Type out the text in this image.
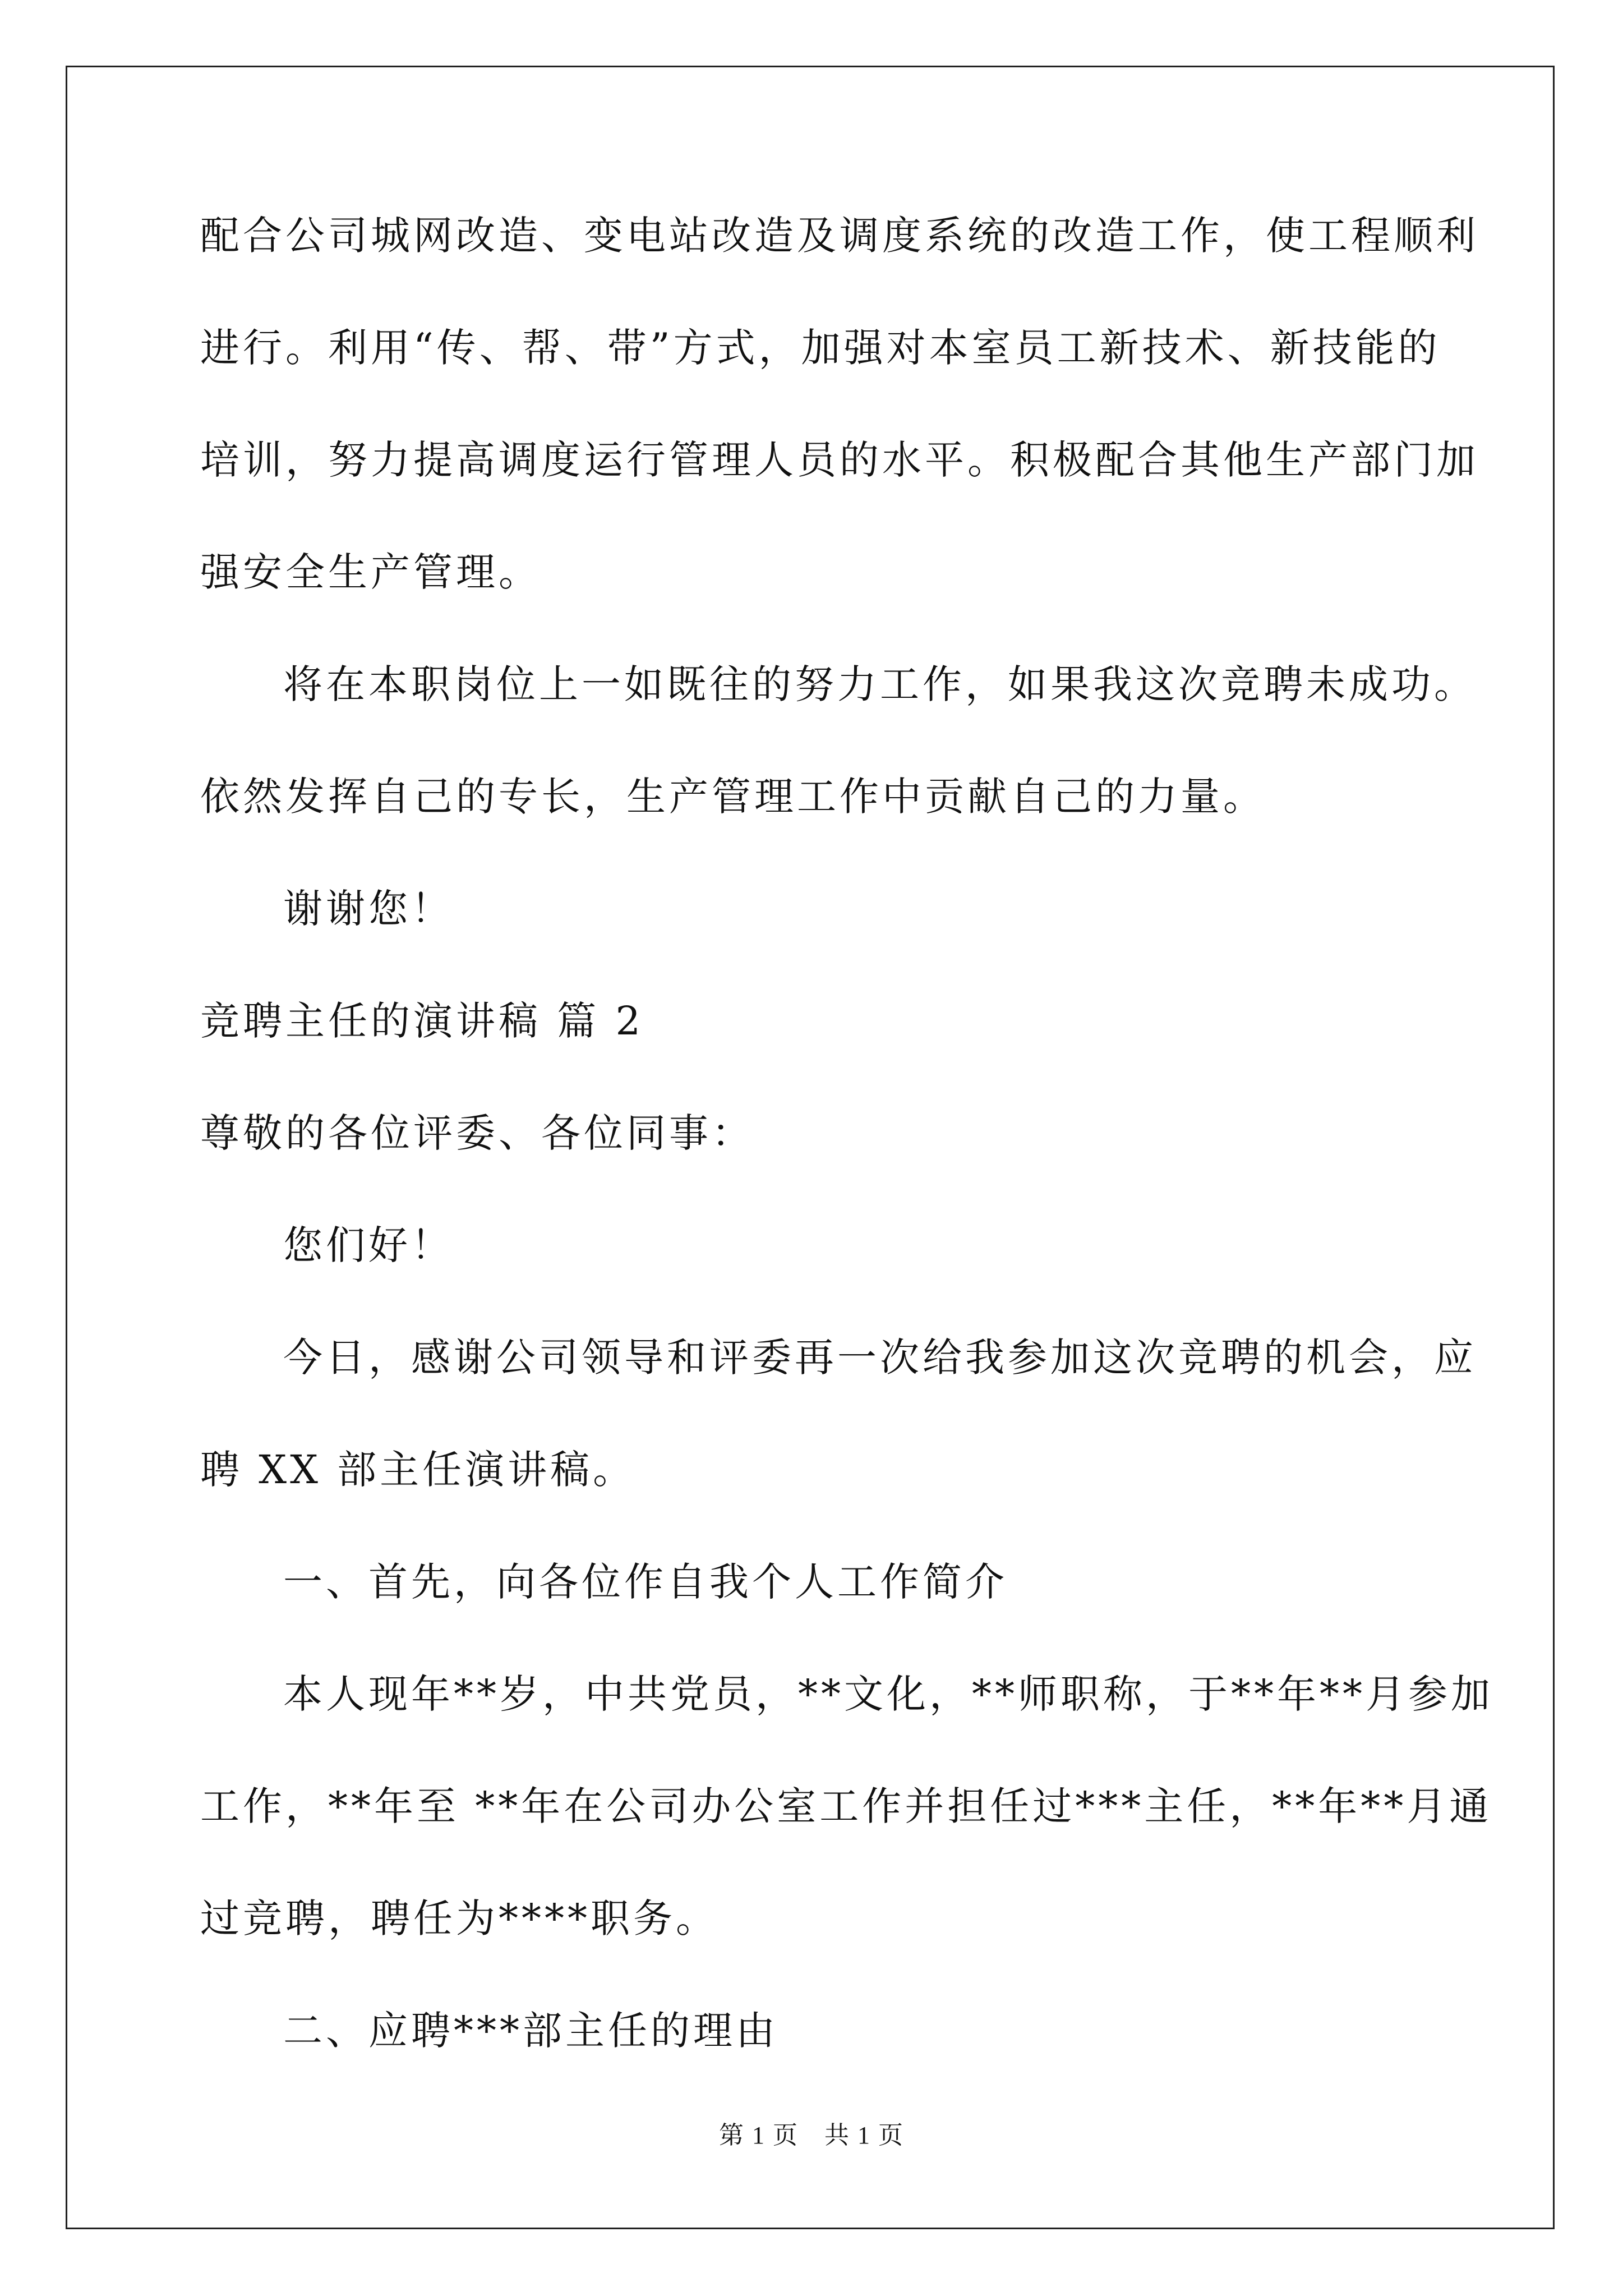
配合公司城网改造、变电站改造及调度系统的改造工作，使工程顺利
进行。利用“传、帮、带”方式，加强对本室员工新技术、新技能的
培训，努力提高调度运行管理人员的水平。积极配合其他生产部门加
强安全生产管理。
将在本职岗位上一如既往的努力工作，如果我这次竞聘未成功。
依然发挥自己的专长，生产管理工作中贡献自己的力量。
谢谢您！
竞聘主任的演讲稿 篇 2
尊敬的各位评委、各位同事：
您们好！
今日，感谢公司领导和评委再一次给我参加这次竞聘的机会，应
聘 XX 部主任演讲稿。
一、首先，向各位作自我个人工作简介
本人现年**岁，中共党员，**文化，**师职称，于**年**月参加
工作，**年至 **年在公司办公室工作并担任过***主任，**年**月通
过竞聘，聘任为****职务。
二、应聘***部主任的理由
第 1 页　共 1 页
